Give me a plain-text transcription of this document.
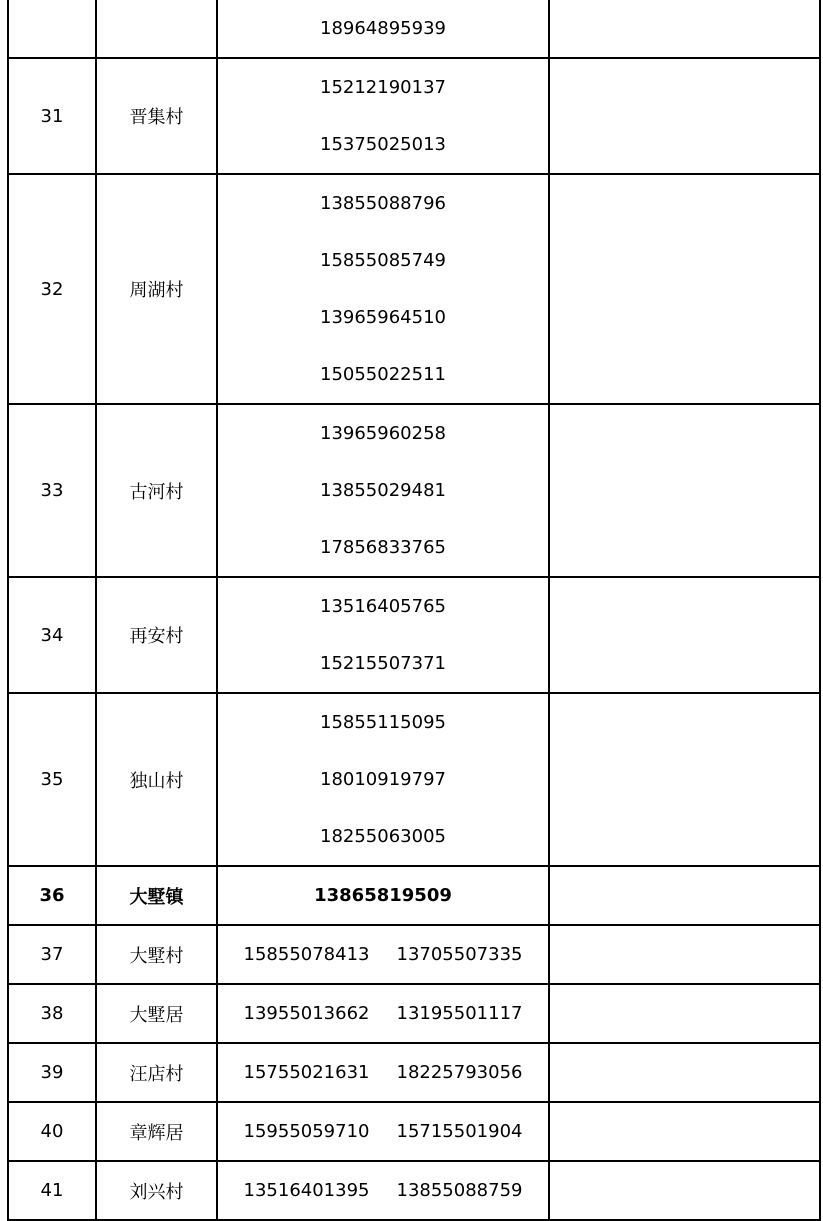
		18964895939	

31	晋集村	15212190137
15375025013	

32	周湖村	13855088796
15855085749
13965964510
15055022511	

33	古河村	13965960258
13855029481
17856833765	

34	再安村	13516405765
15215507371	

35	独山村	15855115095
18010919797
18255063005	

36	大墅镇	13865819509	

37	大墅村	15855078413 13705507335	

38	大墅居	13955013662 13195501117	

39	汪店村	15755021631 18225793056	

40	章辉居	15955059710 15715501904	

41	刘兴村	13516401395 13855088759	
